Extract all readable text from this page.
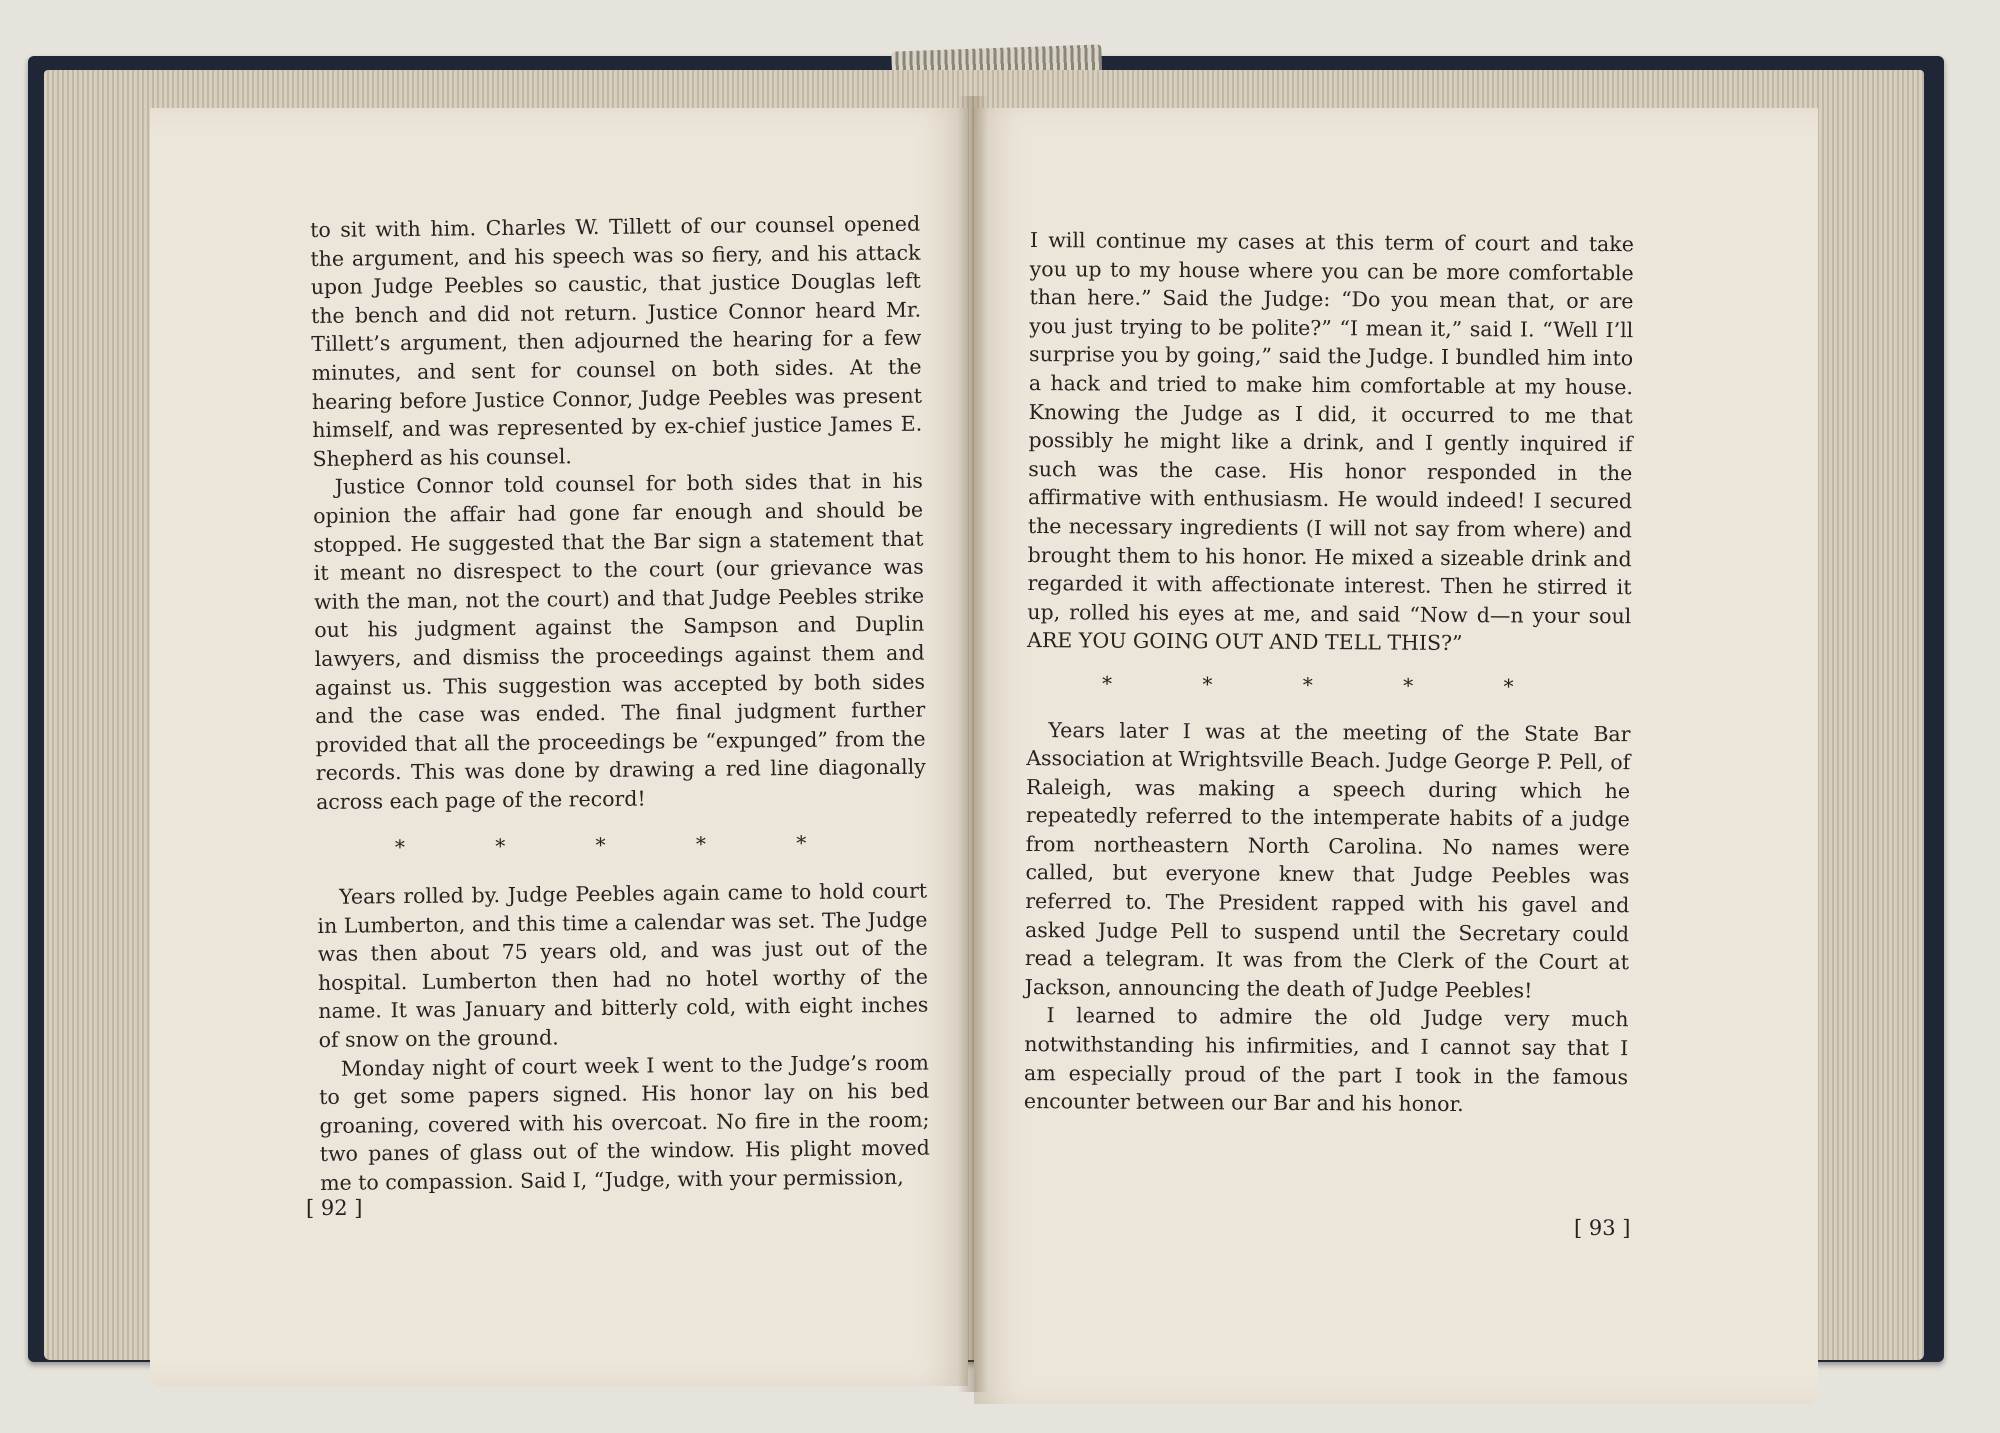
to sit with him. Charles W. Tillett of our counsel opened the argument, and his speech was so fiery, and his attack upon Judge Peebles so caustic, that justice Douglas left the bench and did not return. Justice Connor heard Mr. Tillett’s argument, then adjourned the hearing for a few minutes, and sent for counsel on both sides. At the hearing before Justice Connor, Judge Peebles was present himself, and was represented by ex-chief justice James E. Shepherd as his counsel.

Justice Connor told counsel for both sides that in his opinion the affair had gone far enough and should be stopped. He suggested that the Bar sign a statement that it meant no disrespect to the court (our grievance was with the man, not the court) and that Judge Peebles strike out his judgment against the Sampson and Duplin lawyers, and dismiss the proceedings against them and against us. This suggestion was accepted by both sides and the case was ended. The final judgment further provided that all the proceedings be “expunged” from the records. This was done by drawing a red line diagonally across each page of the record!

* * * * *

Years rolled by. Judge Peebles again came to hold court in Lumberton, and this time a calendar was set. The Judge was then about 75 years old, and was just out of the hospital. Lumberton then had no hotel worthy of the name. It was January and bitterly cold, with eight inches of snow on the ground.

Monday night of court week I went to the Judge’s room to get some papers signed. His honor lay on his bed groaning, covered with his overcoat. No fire in the room; two panes of glass out of the window. His plight moved me to compassion. Said I, “Judge, with your permission,

[ 92 ]

I will continue my cases at this term of court and take you up to my house where you can be more comfortable than here.” Said the Judge: “Do you mean that, or are you just trying to be polite?” “I mean it,” said I. “Well I’ll surprise you by going,” said the Judge. I bundled him into a hack and tried to make him comfortable at my house. Knowing the Judge as I did, it occurred to me that possibly he might like a drink, and I gently inquired if such was the case. His honor responded in the affirmative with enthusiasm. He would indeed! I secured the necessary ingredients (I will not say from where) and brought them to his honor. He mixed a sizeable drink and regarded it with affectionate interest. Then he stirred it up, rolled his eyes at me, and said “Now d—n your soul ARE YOU GOING OUT AND TELL THIS?”

* * * * *

Years later I was at the meeting of the State Bar Association at Wrightsville Beach. Judge George P. Pell, of Raleigh, was making a speech during which he repeatedly referred to the intemperate habits of a judge from northeastern North Carolina. No names were called, but everyone knew that Judge Peebles was referred to. The President rapped with his gavel and asked Judge Pell to suspend until the Secretary could read a telegram. It was from the Clerk of the Court at Jackson, announcing the death of Judge Peebles!

I learned to admire the old Judge very much notwithstanding his infirmities, and I cannot say that I am especially proud of the part I took in the famous encounter between our Bar and his honor.

[ 93 ]
